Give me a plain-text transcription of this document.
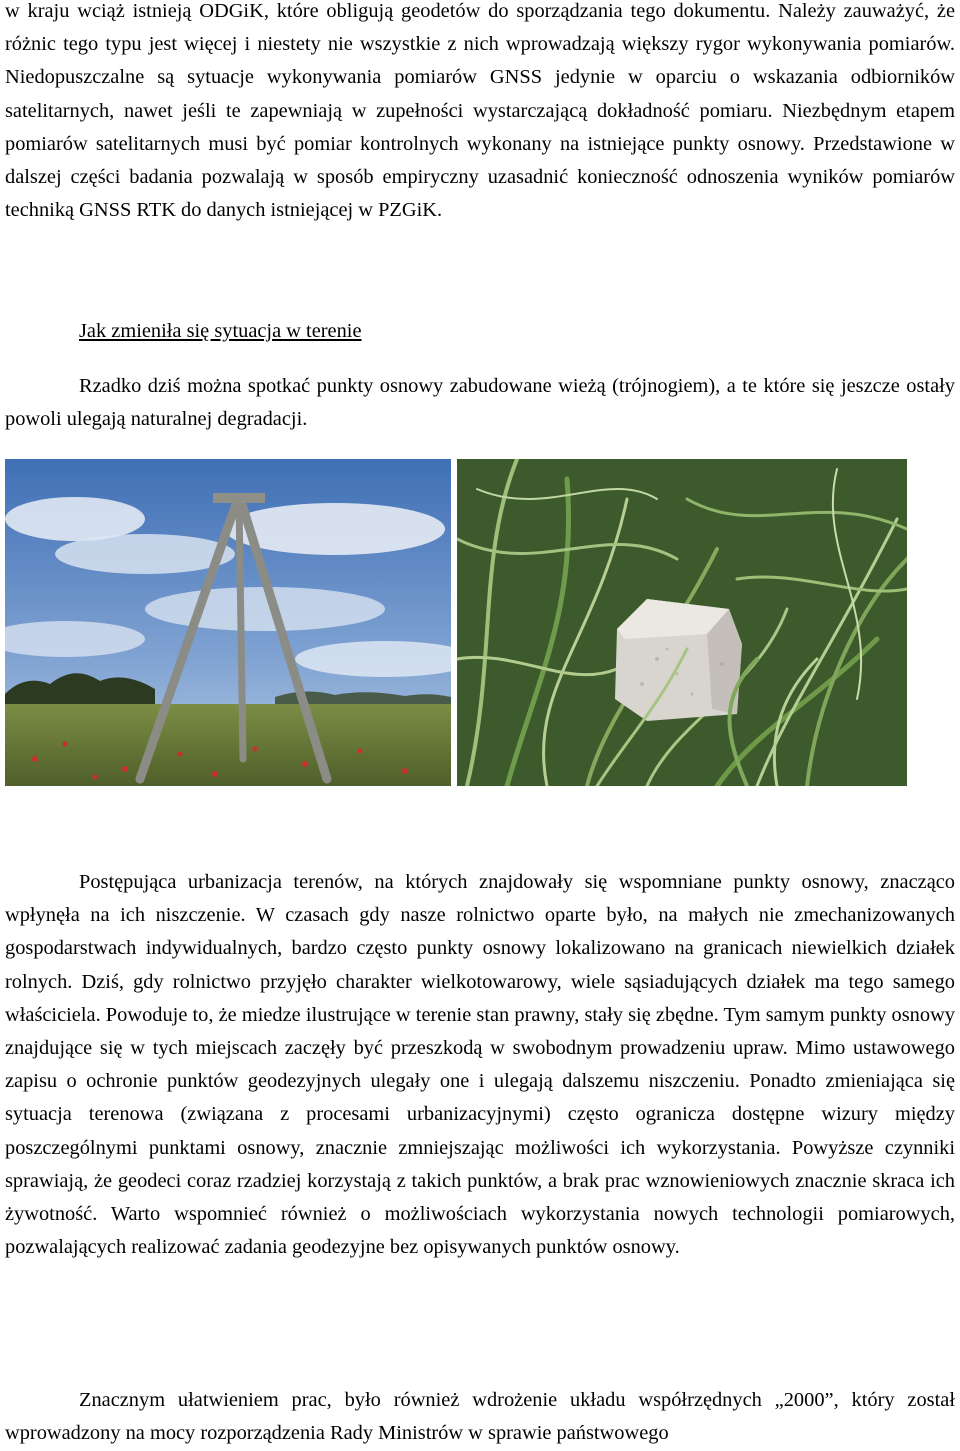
w kraju wciąż istnieją ODGiK, które obligują geodetów do sporządzania tego dokumentu. Należy zauważyć, że różnic tego typu jest więcej i niestety nie wszystkie z nich wprowadzają większy rygor wykonywania pomiarów. Niedopuszczalne są sytuacje wykonywania pomiarów GNSS jedynie w oparciu o wskazania odbiorników satelitarnych, nawet jeśli te zapewniają w zupełności wystarczającą dokładność pomiaru. Niezbędnym etapem pomiarów satelitarnych musi być pomiar kontrolnych wykonany na istniejące punkty osnowy. Przedstawione w dalszej części badania pozwalają w sposób empiryczny uzasadnić konieczność odnoszenia wyników pomiarów techniką GNSS RTK do danych istniejącej w PZGiK.

Jak zmieniła się sytuacja w terenie

Rzadko dziś można spotkać punkty osnowy zabudowane wieżą (trójnogiem), a te które się jeszcze ostały powoli ulegają naturalnej degradacji.

Postępująca urbanizacja terenów, na których znajdowały się wspomniane punkty osnowy, znacząco wpłynęła na ich niszczenie. W czasach gdy nasze rolnictwo oparte było, na małych nie zmechanizowanych gospodarstwach indywidualnych, bardzo często punkty osnowy lokalizowano na granicach niewielkich działek rolnych. Dziś, gdy rolnictwo przyjęło charakter wielkotowarowy, wiele sąsiadujących działek ma tego samego właściciela. Powoduje to, że miedze ilustrujące w terenie stan prawny, stały się zbędne. Tym samym punkty osnowy znajdujące się w tych miejscach zaczęły być przeszkodą w swobodnym prowadzeniu upraw. Mimo ustawowego zapisu o ochronie punktów geodezyjnych ulegały one i ulegają dalszemu niszczeniu. Ponadto zmieniająca się sytuacja terenowa (związana z procesami urbanizacyjnymi) często ogranicza dostępne wizury między poszczególnymi punktami osnowy, znacznie zmniejszając możliwości ich wykorzystania. Powyższe czynniki sprawiają, że geodeci coraz rzadziej korzystają z takich punktów, a brak prac wznowieniowych znacznie skraca ich żywotność. Warto wspomnieć również o możliwościach wykorzystania nowych technologii pomiarowych, pozwalających realizować zadania geodezyjne bez opisywanych punktów osnowy.

Znacznym ułatwieniem prac, było również wdrożenie układu współrzędnych „2000”, który został wprowadzony na mocy rozporządzenia Rady Ministrów w sprawie państwowego
